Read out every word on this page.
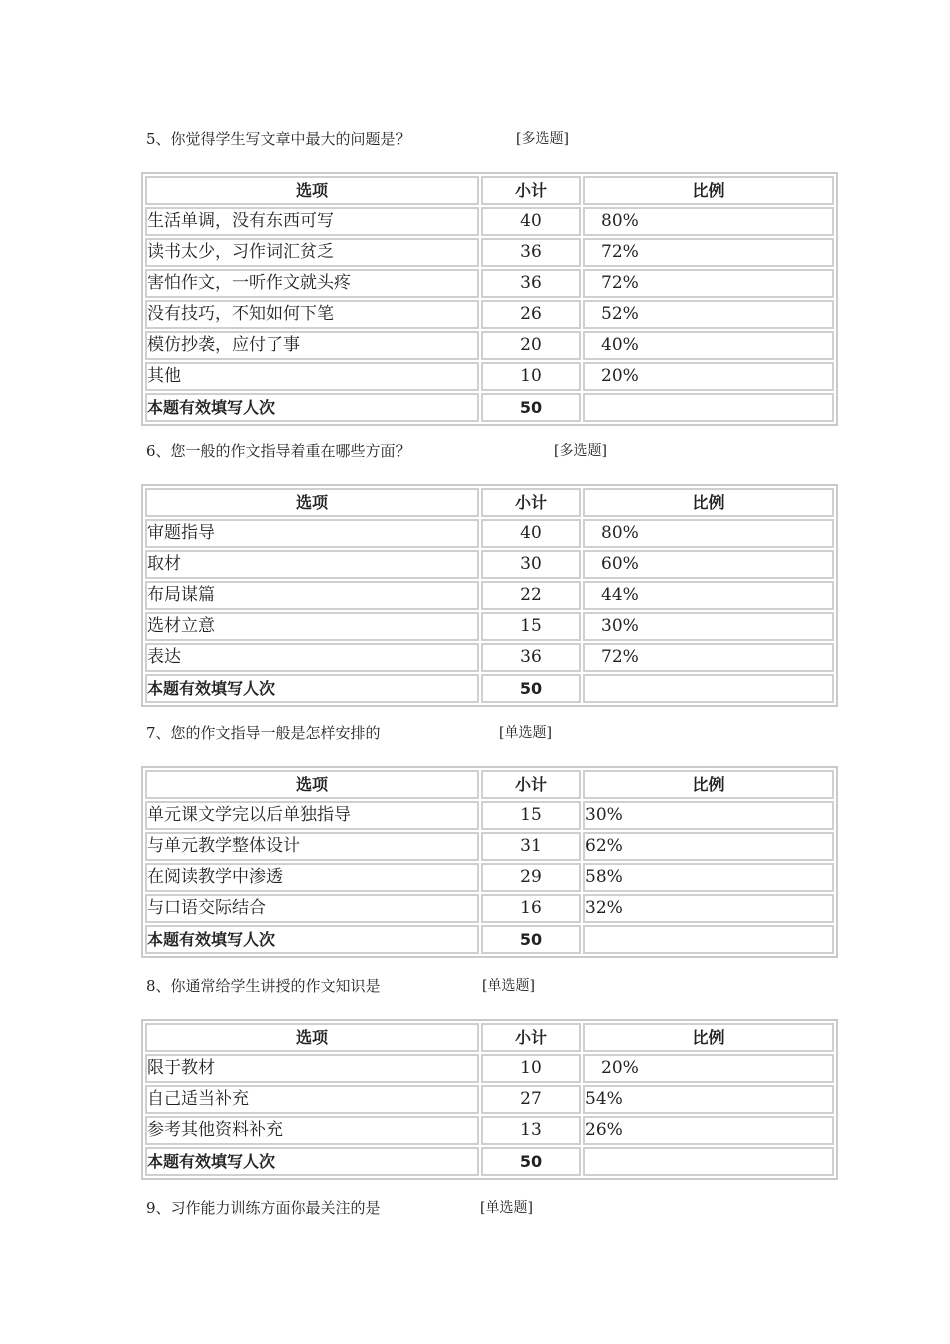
5、你觉得学生写文章中最大的问题是？	[多选题]
选项	小计	比例
生活单调，没有东西可写	40	80%
读书太少，习作词汇贫乏	36	72%
害怕作文，一听作文就头疼	36	72%
没有技巧，不知如何下笔	26	52%
模仿抄袭，应付了事	20	40%
其他	10	20%
本题有效填写人次	50	
6、您一般的作文指导着重在哪些方面？	[多选题]
选项	小计	比例
审题指导	40	80%
取材	30	60%
布局谋篇	22	44%
选材立意	15	30%
表达	36	72%
本题有效填写人次	50	
7、您的作文指导一般是怎样安排的	[单选题]
选项	小计	比例
单元课文学完以后单独指导	15	30%
与单元教学整体设计	31	62%
在阅读教学中渗透	29	58%
与口语交际结合	16	32%
本题有效填写人次	50	
8、你通常给学生讲授的作文知识是	[单选题]
选项	小计	比例
限于教材	10	20%
自己适当补充	27	54%
参考其他资料补充	13	26%
本题有效填写人次	50	
9、习作能力训练方面你最关注的是	[单选题]
